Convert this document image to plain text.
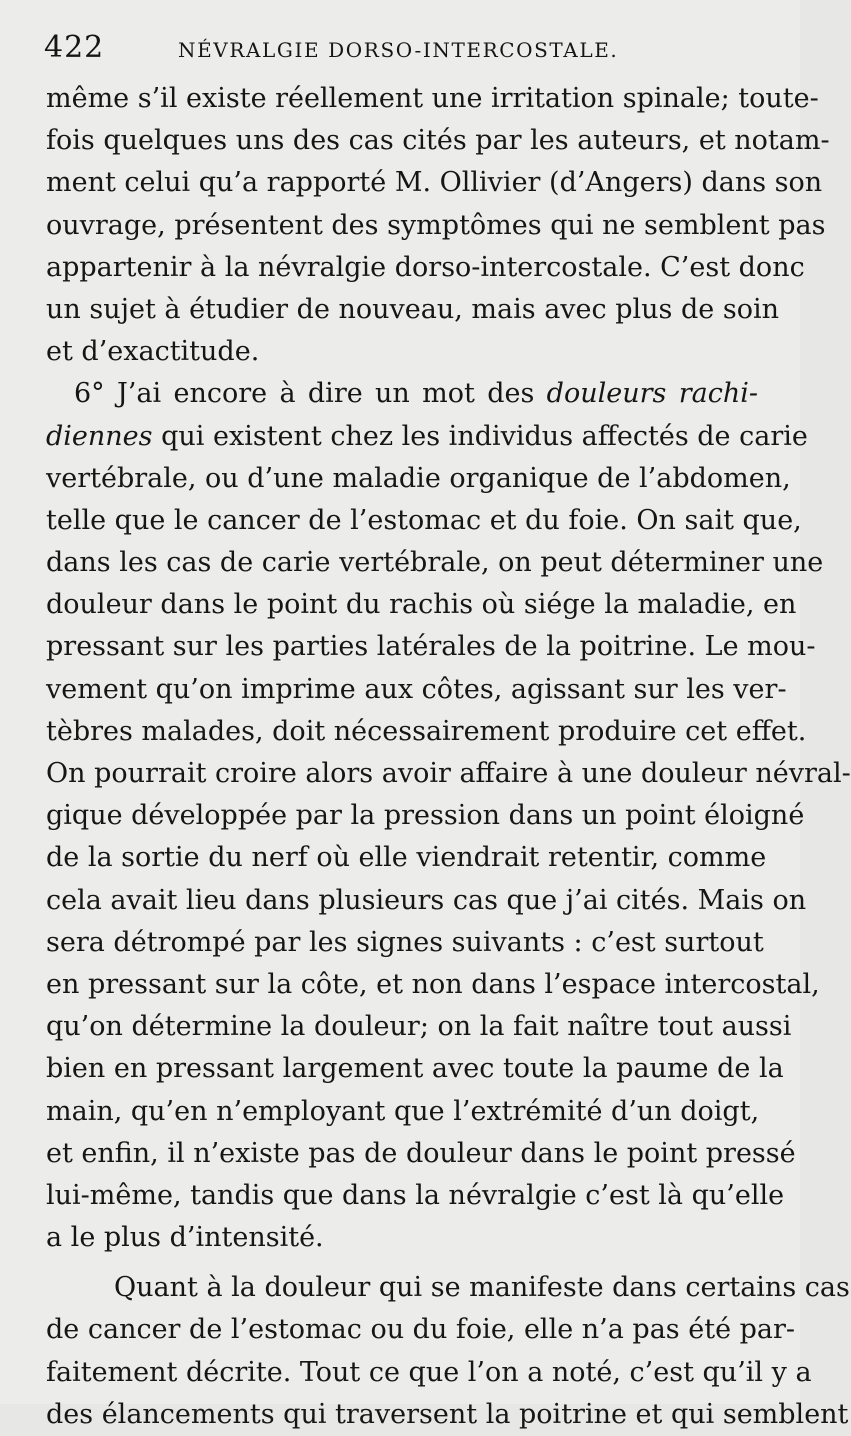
422	NÉVRALGIE DORSO-INTERCOSTALE.
même s’il existe réellement une irritation spinale; toute-
fois quelques uns des cas cités par les auteurs, et notam-
ment celui qu’a rapporté M. Ollivier (d’Angers) dans son
ouvrage, présentent des symptômes qui ne semblent pas
appartenir à la névralgie dorso-intercostale. C’est donc
un sujet à étudier de nouveau, mais avec plus de soin
et d’exactitude.
6° J’ai encore à dire un mot des douleurs rachi-
diennes qui existent chez les individus affectés de carie
vertébrale, ou d’une maladie organique de l’abdomen,
telle que le cancer de l’estomac et du foie. On sait que,
dans les cas de carie vertébrale, on peut déterminer une
douleur dans le point du rachis où siége la maladie, en
pressant sur les parties latérales de la poitrine. Le mou-
vement qu’on imprime aux côtes, agissant sur les ver-
tèbres malades, doit nécessairement produire cet effet.
On pourrait croire alors avoir affaire à une douleur névral-
gique développée par la pression dans un point éloigné
de la sortie du nerf où elle viendrait retentir, comme
cela avait lieu dans plusieurs cas que j’ai cités. Mais on
sera détrompé par les signes suivants : c’est surtout
en pressant sur la côte, et non dans l’espace intercostal,
qu’on détermine la douleur; on la fait naître tout aussi
bien en pressant largement avec toute la paume de la
main, qu’en n’employant que l’extrémité d’un doigt,
et enfin, il n’existe pas de douleur dans le point pressé
lui-même, tandis que dans la névralgie c’est là qu’elle
a le plus d’intensité.
Quant à la douleur qui se manifeste dans certains cas
de cancer de l’estomac ou du foie, elle n’a pas été par-
faitement décrite. Tout ce que l’on a noté, c’est qu’il y a
des élancements qui traversent la poitrine et qui semblent
